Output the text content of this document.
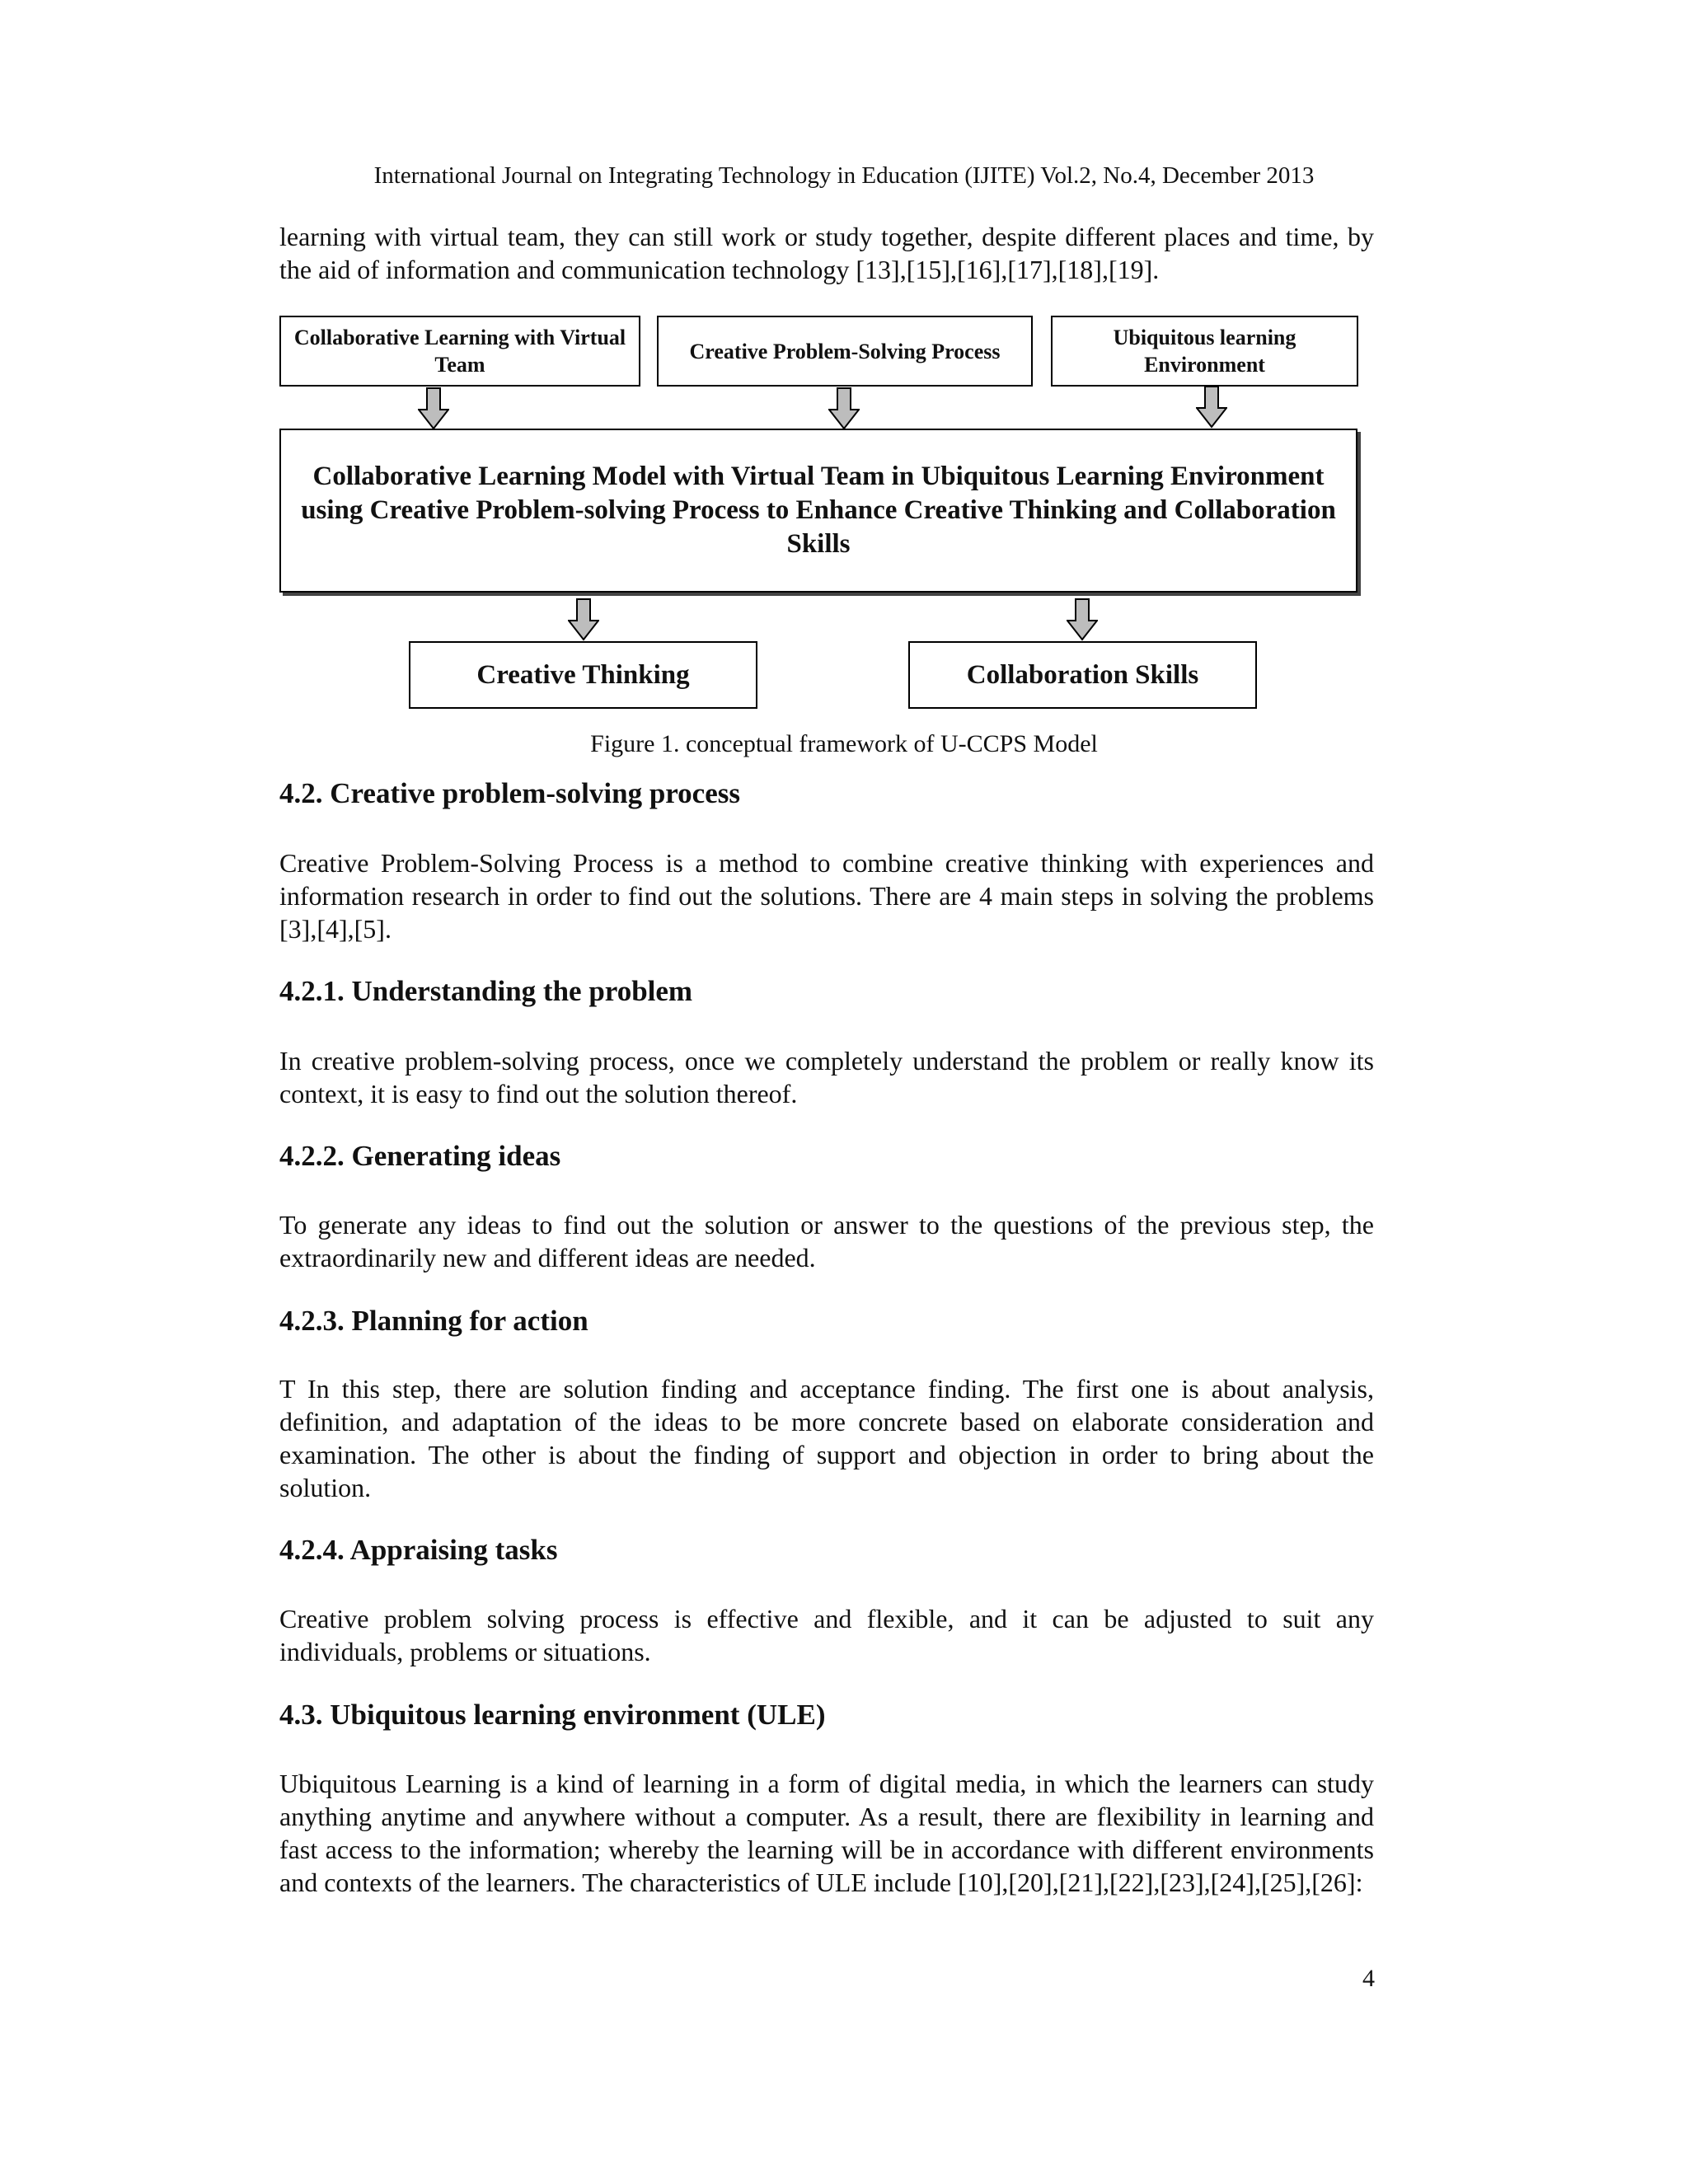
International Journal on Integrating Technology in Education (IJITE) Vol.2, No.4, December 2013

learning with virtual team, they can still work or study together, despite different places and time, by the aid of information and communication technology [13],[15],[16],[17],[18],[19].

Collaborative Learning with Virtual Team
Creative Problem-Solving Process
Ubiquitous learning Environment
Collaborative Learning Model with Virtual Team in Ubiquitous Learning Environment using Creative Problem-solving Process to Enhance Creative Thinking and Collaboration Skills
Creative Thinking	Collaboration Skills
Figure 1. conceptual framework of U-CCPS Model
4.2. Creative problem-solving process

Creative Problem-Solving Process is a method to combine creative thinking with experiences and information research in order to find out the solutions. There are 4 main steps in solving the problems [3],[4],[5].

4.2.1. Understanding the problem

In creative problem-solving process, once we completely understand the problem or really know its context, it is easy to find out the solution thereof.

4.2.2. Generating ideas

To generate any ideas to find out the solution or answer to the questions of the previous step, the extraordinarily new and different ideas are needed.

4.2.3. Planning for action

T In this step, there are solution finding and acceptance finding. The first one is about analysis, definition, and adaptation of the ideas to be more concrete based on elaborate consideration and examination. The other is about the finding of support and objection in order to bring about the solution.

4.2.4. Appraising tasks

Creative problem solving process is effective and flexible, and it can be adjusted to suit any individuals, problems or situations.

4.3. Ubiquitous learning environment (ULE)

Ubiquitous Learning is a kind of learning in a form of digital media, in which the learners can study anything anytime and anywhere without a computer. As a result, there are flexibility in learning and fast access to the information; whereby the learning will be in accordance with different environments and contexts of the learners. The characteristics of ULE include [10],[20],[21],[22],[23],[24],[25],[26]:

4
